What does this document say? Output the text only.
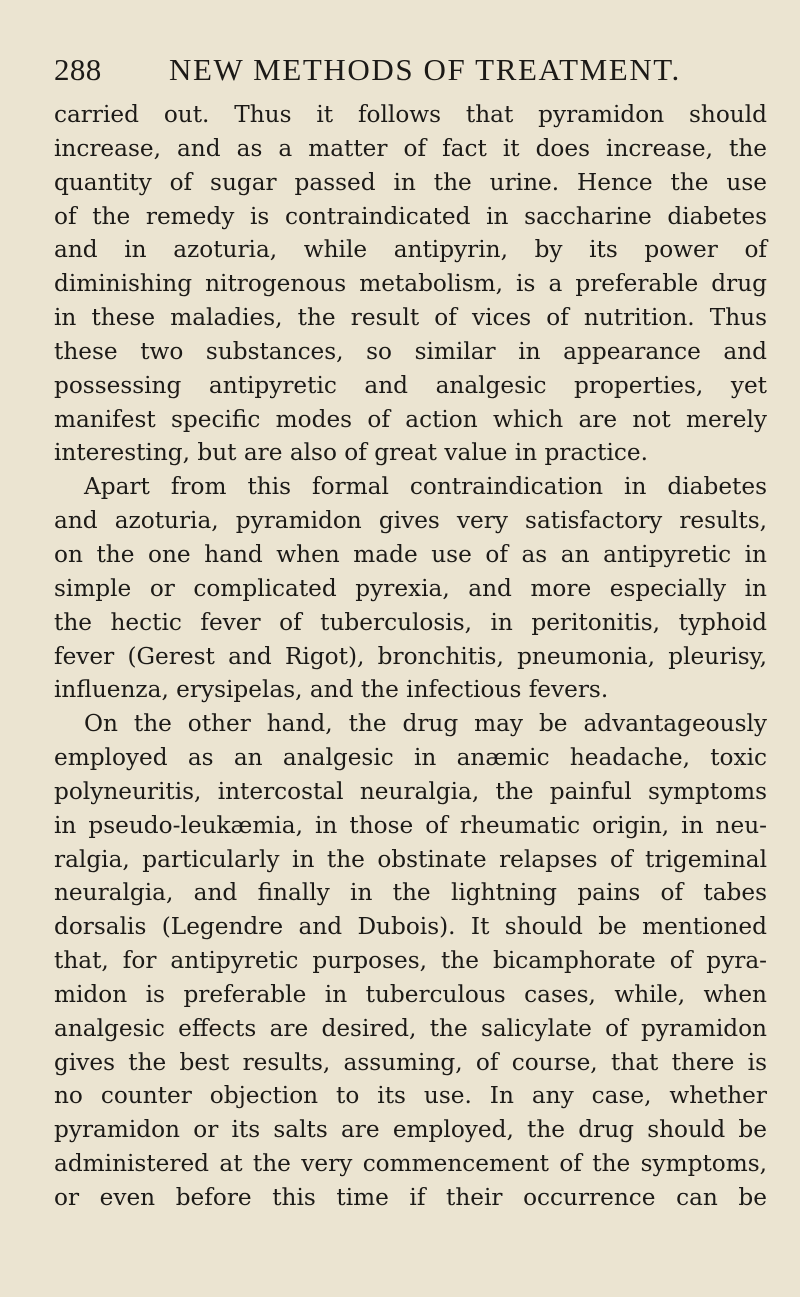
288 NEW METHODS OF TREATMENT.
carried out. Thus it follows that pyramidon should
increase, and as a matter of fact it does increase, the
quantity of sugar passed in the urine. Hence the use
of the remedy is contraindicated in saccharine diabetes
and in azoturia, while antipyrin, by its power of
diminishing nitrogenous metabolism, is a preferable drug
in these maladies, the result of vices of nutrition. Thus
these two substances, so similar in appearance and
possessing antipyretic and analgesic properties, yet
manifest specific modes of action which are not merely
interesting, but are also of great value in practice.
Apart from this formal contraindication in diabetes
and azoturia, pyramidon gives very satisfactory results,
on the one hand when made use of as an antipyretic in
simple or complicated pyrexia, and more especially in
the hectic fever of tuberculosis, in peritonitis, typhoid
fever (Gerest and Rigot), bronchitis, pneumonia, pleurisy,
influenza, erysipelas, and the infectious fevers.
On the other hand, the drug may be advantageously
employed as an analgesic in anæmic headache, toxic
polyneuritis, intercostal neuralgia, the painful symptoms
in pseudo-leukæmia, in those of rheumatic origin, in neu-
ralgia, particularly in the obstinate relapses of trigeminal
neuralgia, and finally in the lightning pains of tabes
dorsalis (Legendre and Dubois). It should be mentioned
that, for antipyretic purposes, the bicamphorate of pyra-
midon is preferable in tuberculous cases, while, when
analgesic effects are desired, the salicylate of pyramidon
gives the best results, assuming, of course, that there is
no counter objection to its use. In any case, whether
pyramidon or its salts are employed, the drug should be
administered at the very commencement of the symptoms,
or even before this time if their occurrence can be
